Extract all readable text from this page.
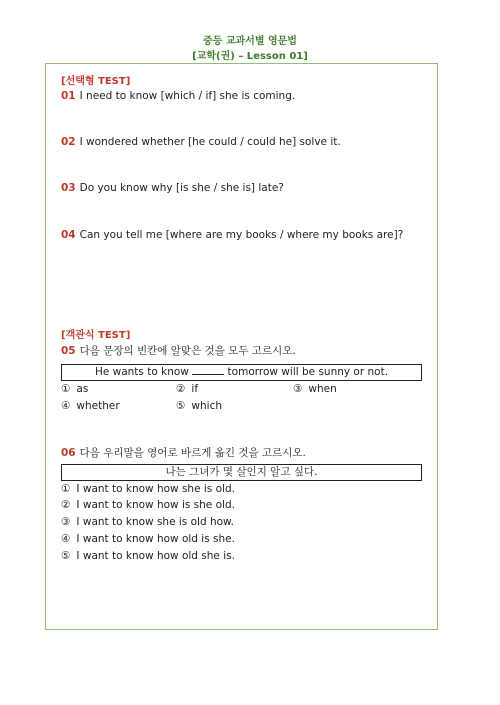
중등 교과서별 영문법
[교학(권) – Lesson 01]
[선택형 TEST]
01 I need to know [which / if] she is coming.
02 I wondered whether [he could / could he] solve it.
03 Do you know why [is she / she is] late?
04 Can you tell me [where are my books / where my books are]?
[객관식 TEST]
05 다음 문장의 빈칸에 알맞은 것을 모두 고르시오.
He wants to know	tomorrow will be sunny or not.
① as	② if	③ when
④ whether	⑤ which
06 다음 우리말을 영어로 바르게 옮긴 것을 고르시오.
나는 그녀가 몇 살인지 알고 싶다.
① I want to know how she is old.
② I want to know how is she old.
③ I want to know she is old how.
④ I want to know how old is she.
⑤ I want to know how old she is.
